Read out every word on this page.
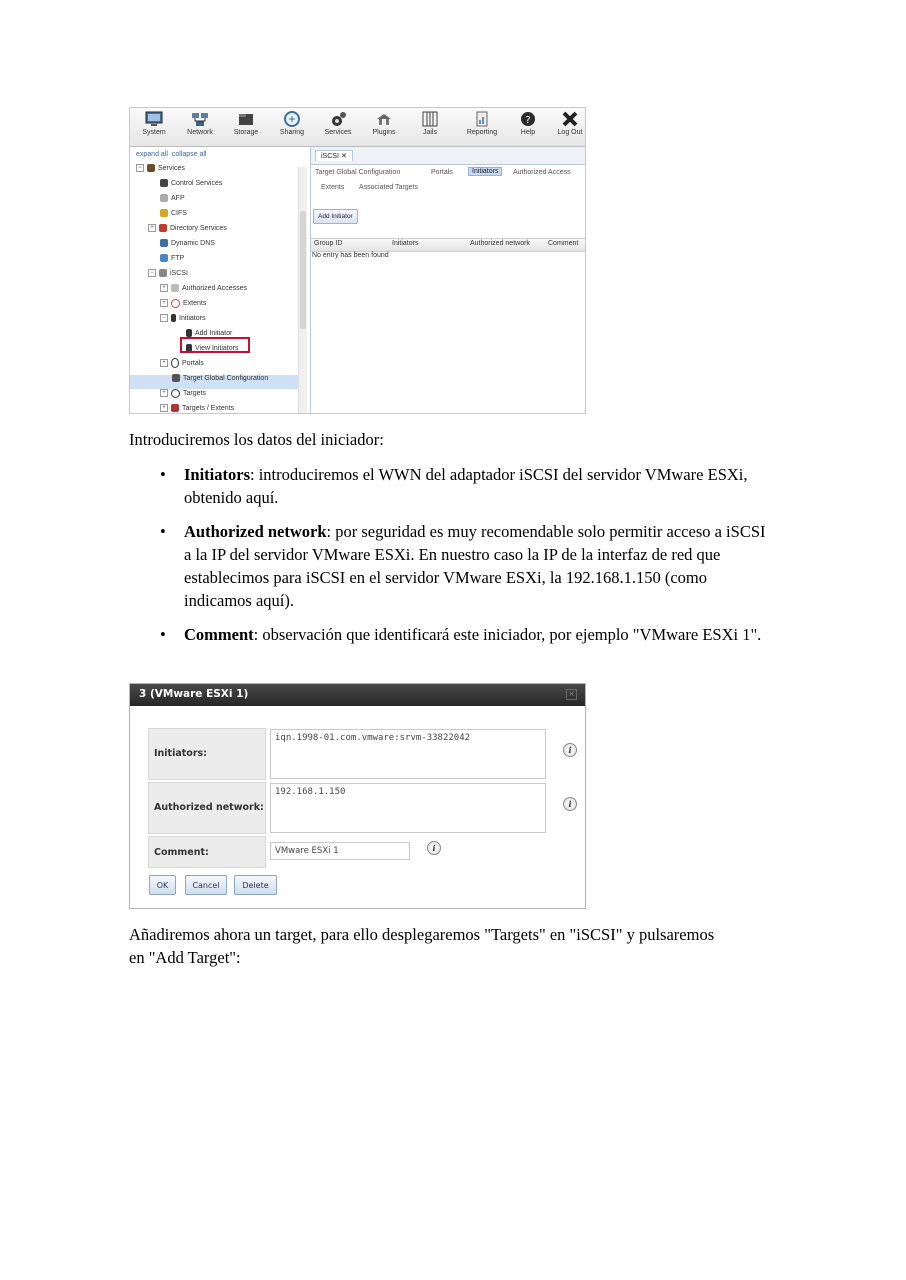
System	Network	Storage	Sharing	Services	Plugins	Jails	Reporting
?
Help	Log Out
expand all collapse all
−	Services
Control Services
AFP
CIFS
+	Directory Services
Dynamic DNS
FTP
−	iSCSI
+	Authorized Accesses
+	Extents
−	Initiators
Add Initiator
View Initiators
+	Portals
Target Global Configuration
+	Targets
+	Targets / Extents
iSCSI ✕
Target Global Configuration	Portals	Initiators	Authorized Access
Extents Associated Targets
Add Initiator
Group ID	Initiators	Authorized network	Comment
No entry has been found
Introduciremos los datos del iniciador:
• Initiators: introduciremos el WWN del adaptador iSCSI del servidor VMware ESXi, obtenido aquí.
• Authorized network: por seguridad es muy recomendable solo permitir acceso a iSCSI a la IP del servidor VMware ESXi. En nuestro caso la IP de la interfaz de red que establecimos para iSCSI en el servidor VMware ESXi, la 192.168.1.150 (como indicamos aquí).
• Comment: observación que identificará este iniciador, por ejemplo "VMware ESXi 1".
3 (VMware ESXi 1)	×
Initiators:
iqn.1998-01.com.vmware:srvm-33822042
i
Authorized network:
192.168.1.150
i
Comment:	VMware ESXi 1	i
OK	Cancel	Delete
Añadiremos ahora un target, para ello desplegaremos "Targets" en "iSCSI" y pulsaremos en "Add Target":
